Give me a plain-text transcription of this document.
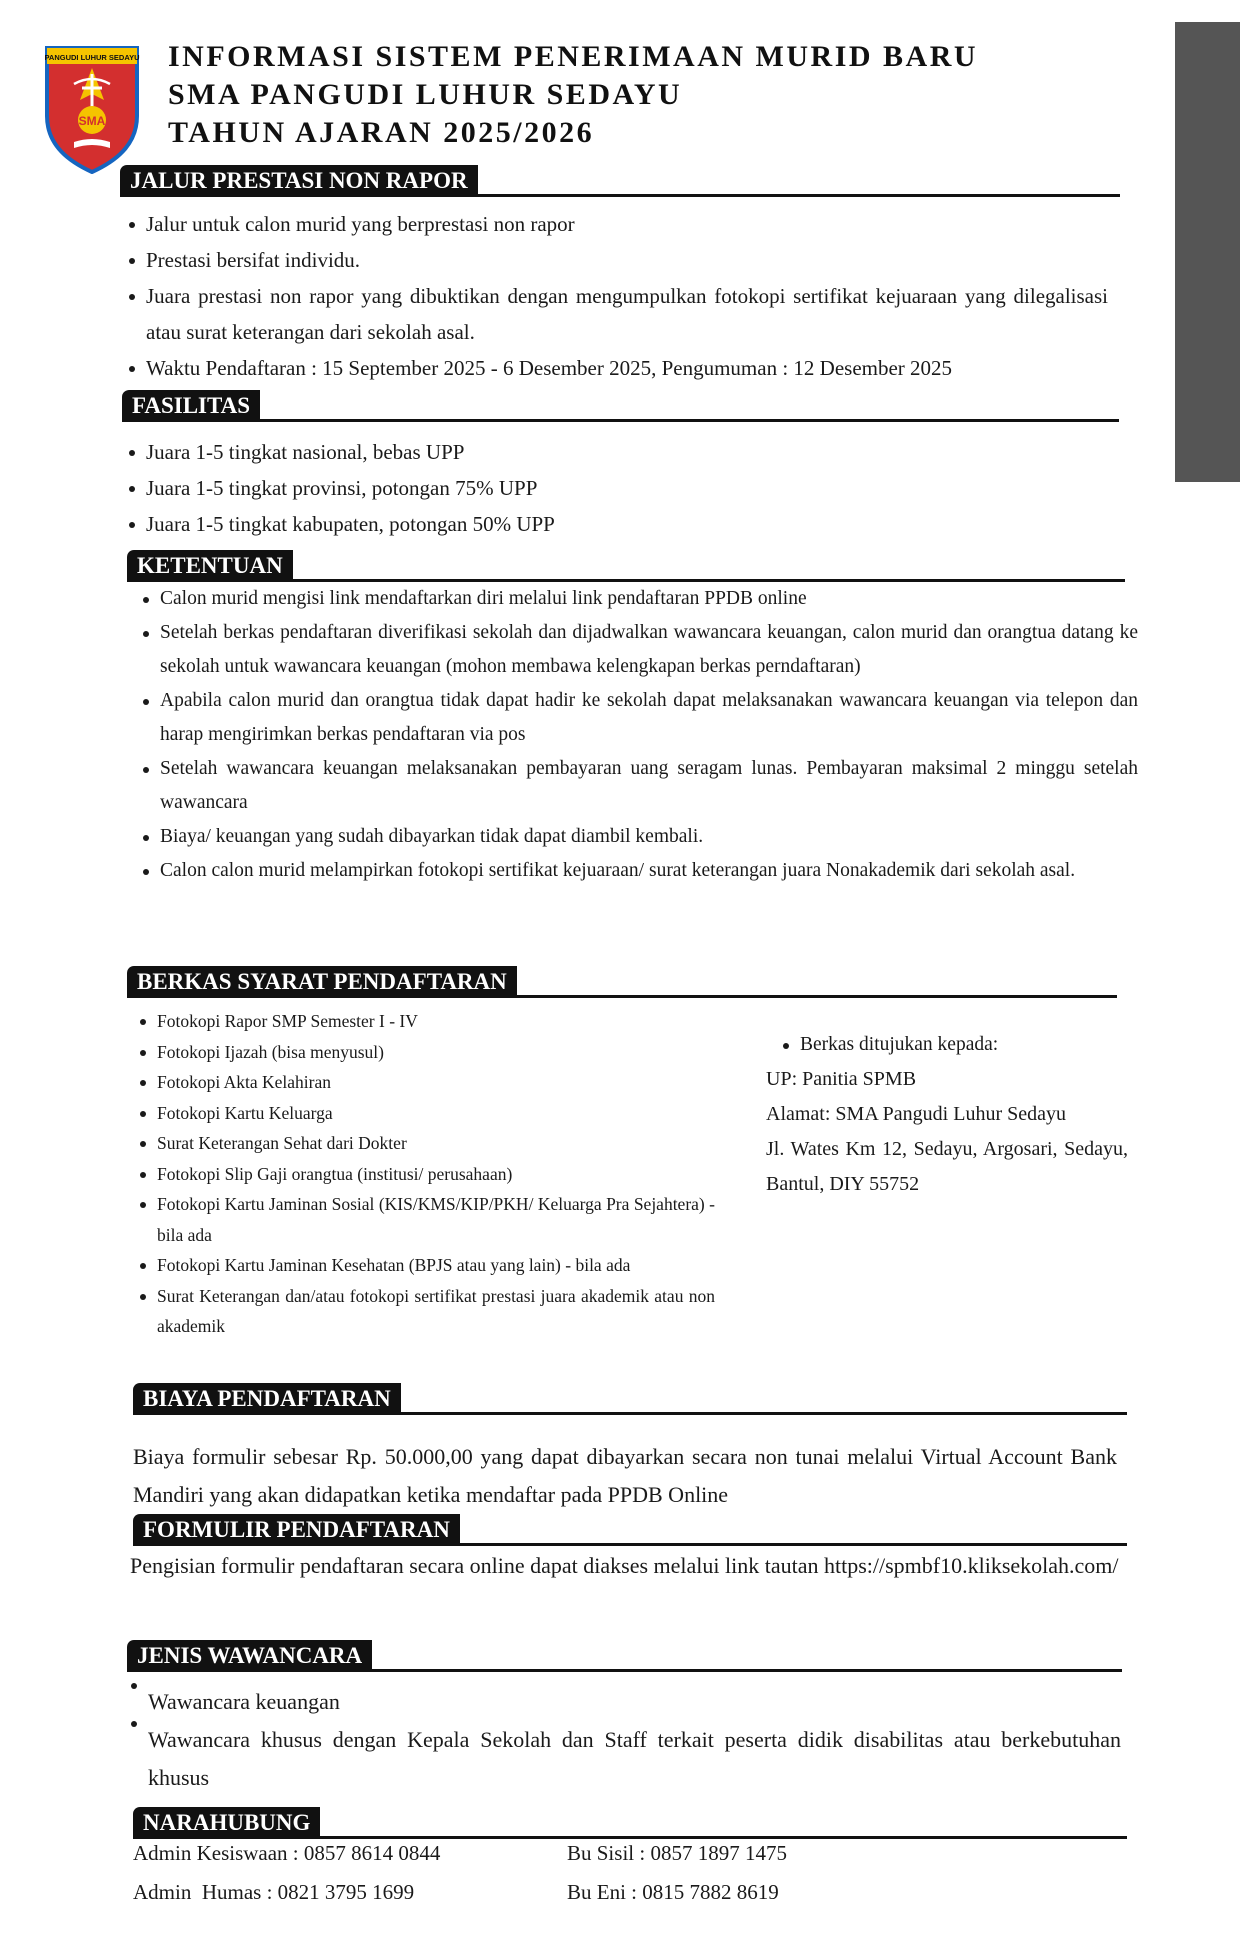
PANGUDI LUHUR SEDAYU
SMA
INFORMASI SISTEM PENERIMAAN MURID BARU
SMA PANGUDI LUHUR SEDAYU
TAHUN AJARAN 2025/2026
JALUR PRESTASI NON RAPOR
Jalur untuk calon murid yang berprestasi non rapor
Prestasi bersifat individu.
Juara prestasi non rapor yang dibuktikan dengan mengumpulkan fotokopi sertifikat kejuaraan yang dilegalisasi atau surat keterangan dari sekolah asal.
Waktu Pendaftaran : 15 September 2025 - 6 Desember 2025, Pengumuman : 12 Desember 2025
FASILITAS
Juara 1-5 tingkat nasional, bebas UPP
Juara 1-5 tingkat provinsi, potongan 75% UPP
Juara 1-5 tingkat kabupaten, potongan 50% UPP
KETENTUAN
Calon murid mengisi link mendaftarkan diri melalui link pendaftaran PPDB online
Setelah berkas pendaftaran diverifikasi sekolah dan dijadwalkan wawancara keuangan, calon murid dan orangtua datang ke sekolah untuk wawancara keuangan (mohon membawa kelengkapan berkas perndaftaran)
Apabila calon murid dan orangtua tidak dapat hadir ke sekolah dapat melaksanakan wawancara keuangan via telepon dan harap mengirimkan berkas pendaftaran via pos
Setelah wawancara keuangan melaksanakan pembayaran uang seragam lunas. Pembayaran maksimal 2 minggu setelah wawancara
Biaya/ keuangan yang sudah dibayarkan tidak dapat diambil kembali.
Calon calon murid melampirkan fotokopi sertifikat kejuaraan/ surat keterangan juara Nonakademik dari sekolah asal.
BERKAS SYARAT PENDAFTARAN
Fotokopi Rapor SMP Semester I - IV
Fotokopi Ijazah (bisa menyusul)
Fotokopi Akta Kelahiran
Fotokopi Kartu Keluarga
Surat Keterangan Sehat dari Dokter
Fotokopi Slip Gaji orangtua (institusi/ perusahaan)
Fotokopi Kartu Jaminan Sosial (KIS/KMS/KIP/PKH/ Keluarga Pra Sejahtera) - bila ada
Fotokopi Kartu Jaminan Kesehatan (BPJS atau yang lain) - bila ada
Surat Keterangan dan/atau fotokopi sertifikat prestasi juara akademik atau non akademik
Berkas ditujukan kepada:

UP: Panitia SPMB

Alamat: SMA Pangudi Luhur Sedayu

Jl. Wates Km 12, Sedayu, Argosari, Sedayu, Bantul, DIY 55752

BIAYA PENDAFTARAN

Biaya formulir sebesar Rp. 50.000,00 yang dapat dibayarkan secara non tunai melalui Virtual Account Bank Mandiri yang akan didapatkan ketika mendaftar pada PPDB Online

FORMULIR PENDAFTARAN

Pengisian formulir pendaftaran secara online dapat diakses melalui link tautan https://spmbf10.kliksekolah.com/

JENIS WAWANCARA
Wawancara keuangan
Wawancara khusus dengan Kepala Sekolah dan Staff terkait peserta didik disabilitas atau berkebutuhan khusus
NARAHUBUNG
Admin Kesiswaan : 0857 8614 0844	Bu Sisil : 0857 1897 1475
Admin  Humas : 0821 3795 1699	Bu Eni : 0815 7882 8619
